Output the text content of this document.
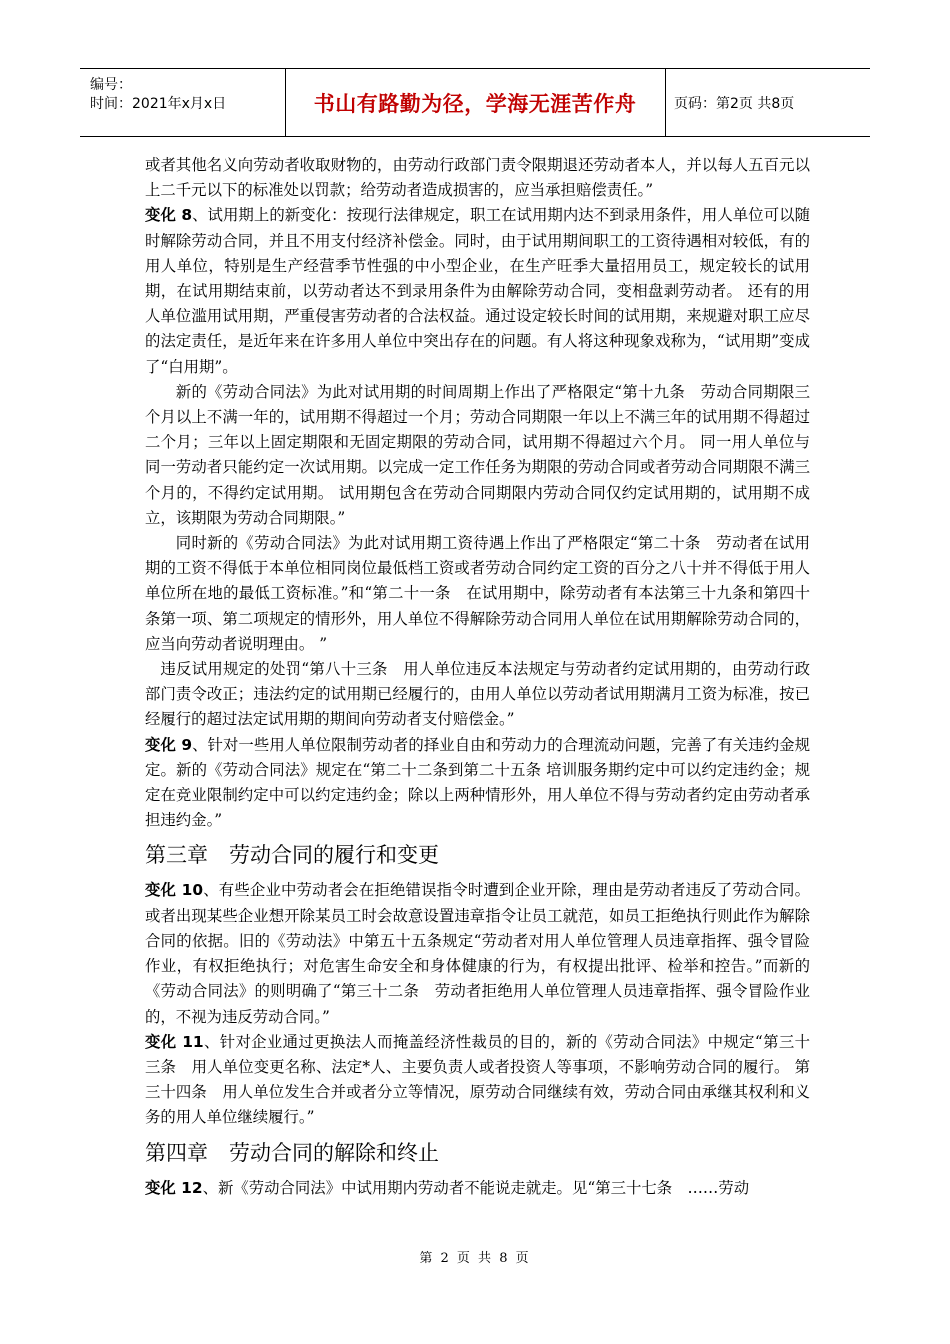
编号：
时间：2021年x月x日	书山有路勤为径，学海无涯苦作舟	页码：第2页 共8页

或者其他名义向劳动者收取财物的，由劳动行政部门责令限期退还劳动者本人，并以每人五百元以上二千元以下的标准处以罚款；给劳动者造成损害的，应当承担赔偿责任。”

变化 8、试用期上的新变化：按现行法律规定，职工在试用期内达不到录用条件，用人单位可以随时解除劳动合同，并且不用支付经济补偿金。同时，由于试用期间职工的工资待遇相对较低，有的用人单位，特别是生产经营季节性强的中小型企业，在生产旺季大量招用员工，规定较长的试用期，在试用期结束前，以劳动者达不到录用条件为由解除劳动合同，变相盘剥劳动者。 还有的用人单位滥用试用期，严重侵害劳动者的合法权益。通过设定较长时间的试用期，来规避对职工应尽的法定责任，是近年来在许多用人单位中突出存在的问题。有人将这种现象戏称为，“试用期”变成了“白用期”。

新的《劳动合同法》为此对试用期的时间周期上作出了严格限定“第十九条　劳动合同期限三个月以上不满一年的，试用期不得超过一个月；劳动合同期限一年以上不满三年的试用期不得超过二个月；三年以上固定期限和无固定期限的劳动合同，试用期不得超过六个月。 同一用人单位与同一劳动者只能约定一次试用期。以完成一定工作任务为期限的劳动合同或者劳动合同期限不满三个月的，不得约定试用期。 试用期包含在劳动合同期限内劳动合同仅约定试用期的，试用期不成立，该期限为劳动合同期限。”

同时新的《劳动合同法》为此对试用期工资待遇上作出了严格限定“第二十条　劳动者在试用期的工资不得低于本单位相同岗位最低档工资或者劳动合同约定工资的百分之八十并不得低于用人单位所在地的最低工资标准。”和“第二十一条　在试用期中，除劳动者有本法第三十九条和第四十条第一项、第二项规定的情形外，用人单位不得解除劳动合同用人单位在试用期解除劳动合同的，应当向劳动者说明理由。 ”

违反试用规定的处罚“第八十三条　用人单位违反本法规定与劳动者约定试用期的，由劳动行政部门责令改正；违法约定的试用期已经履行的，由用人单位以劳动者试用期满月工资为标准，按已经履行的超过法定试用期的期间向劳动者支付赔偿金。”

变化 9、针对一些用人单位限制劳动者的择业自由和劳动力的合理流动问题，完善了有关违约金规定。新的《劳动合同法》规定在“第二十二条到第二十五条 培训服务期约定中可以约定违约金；规定在竞业限制约定中可以约定违约金；除以上两种情形外，用人单位不得与劳动者约定由劳动者承担违约金。”

第三章　劳动合同的履行和变更

变化 10、有些企业中劳动者会在拒绝错误指令时遭到企业开除，理由是劳动者违反了劳动合同。或者出现某些企业想开除某员工时会故意设置违章指令让员工就范，如员工拒绝执行则此作为解除合同的依据。旧的《劳动法》中第五十五条规定“劳动者对用人单位管理人员违章指挥、强令冒险作业，有权拒绝执行；对危害生命安全和身体健康的行为，有权提出批评、检举和控告。”而新的《劳动合同法》的则明确了“第三十二条　劳动者拒绝用人单位管理人员违章指挥、强令冒险作业的，不视为违反劳动合同。”

变化 11、针对企业通过更换法人而掩盖经济性裁员的目的，新的《劳动合同法》中规定“第三十三条　用人单位变更名称、法定*人、主要负责人或者投资人等事项，不影响劳动合同的履行。 第三十四条　用人单位发生合并或者分立等情况，原劳动合同继续有效，劳动合同由承继其权利和义务的用人单位继续履行。”

第四章　劳动合同的解除和终止

变化 12、新《劳动合同法》中试用期内劳动者不能说走就走。见“第三十七条　……劳动

第 2 页 共 8 页
